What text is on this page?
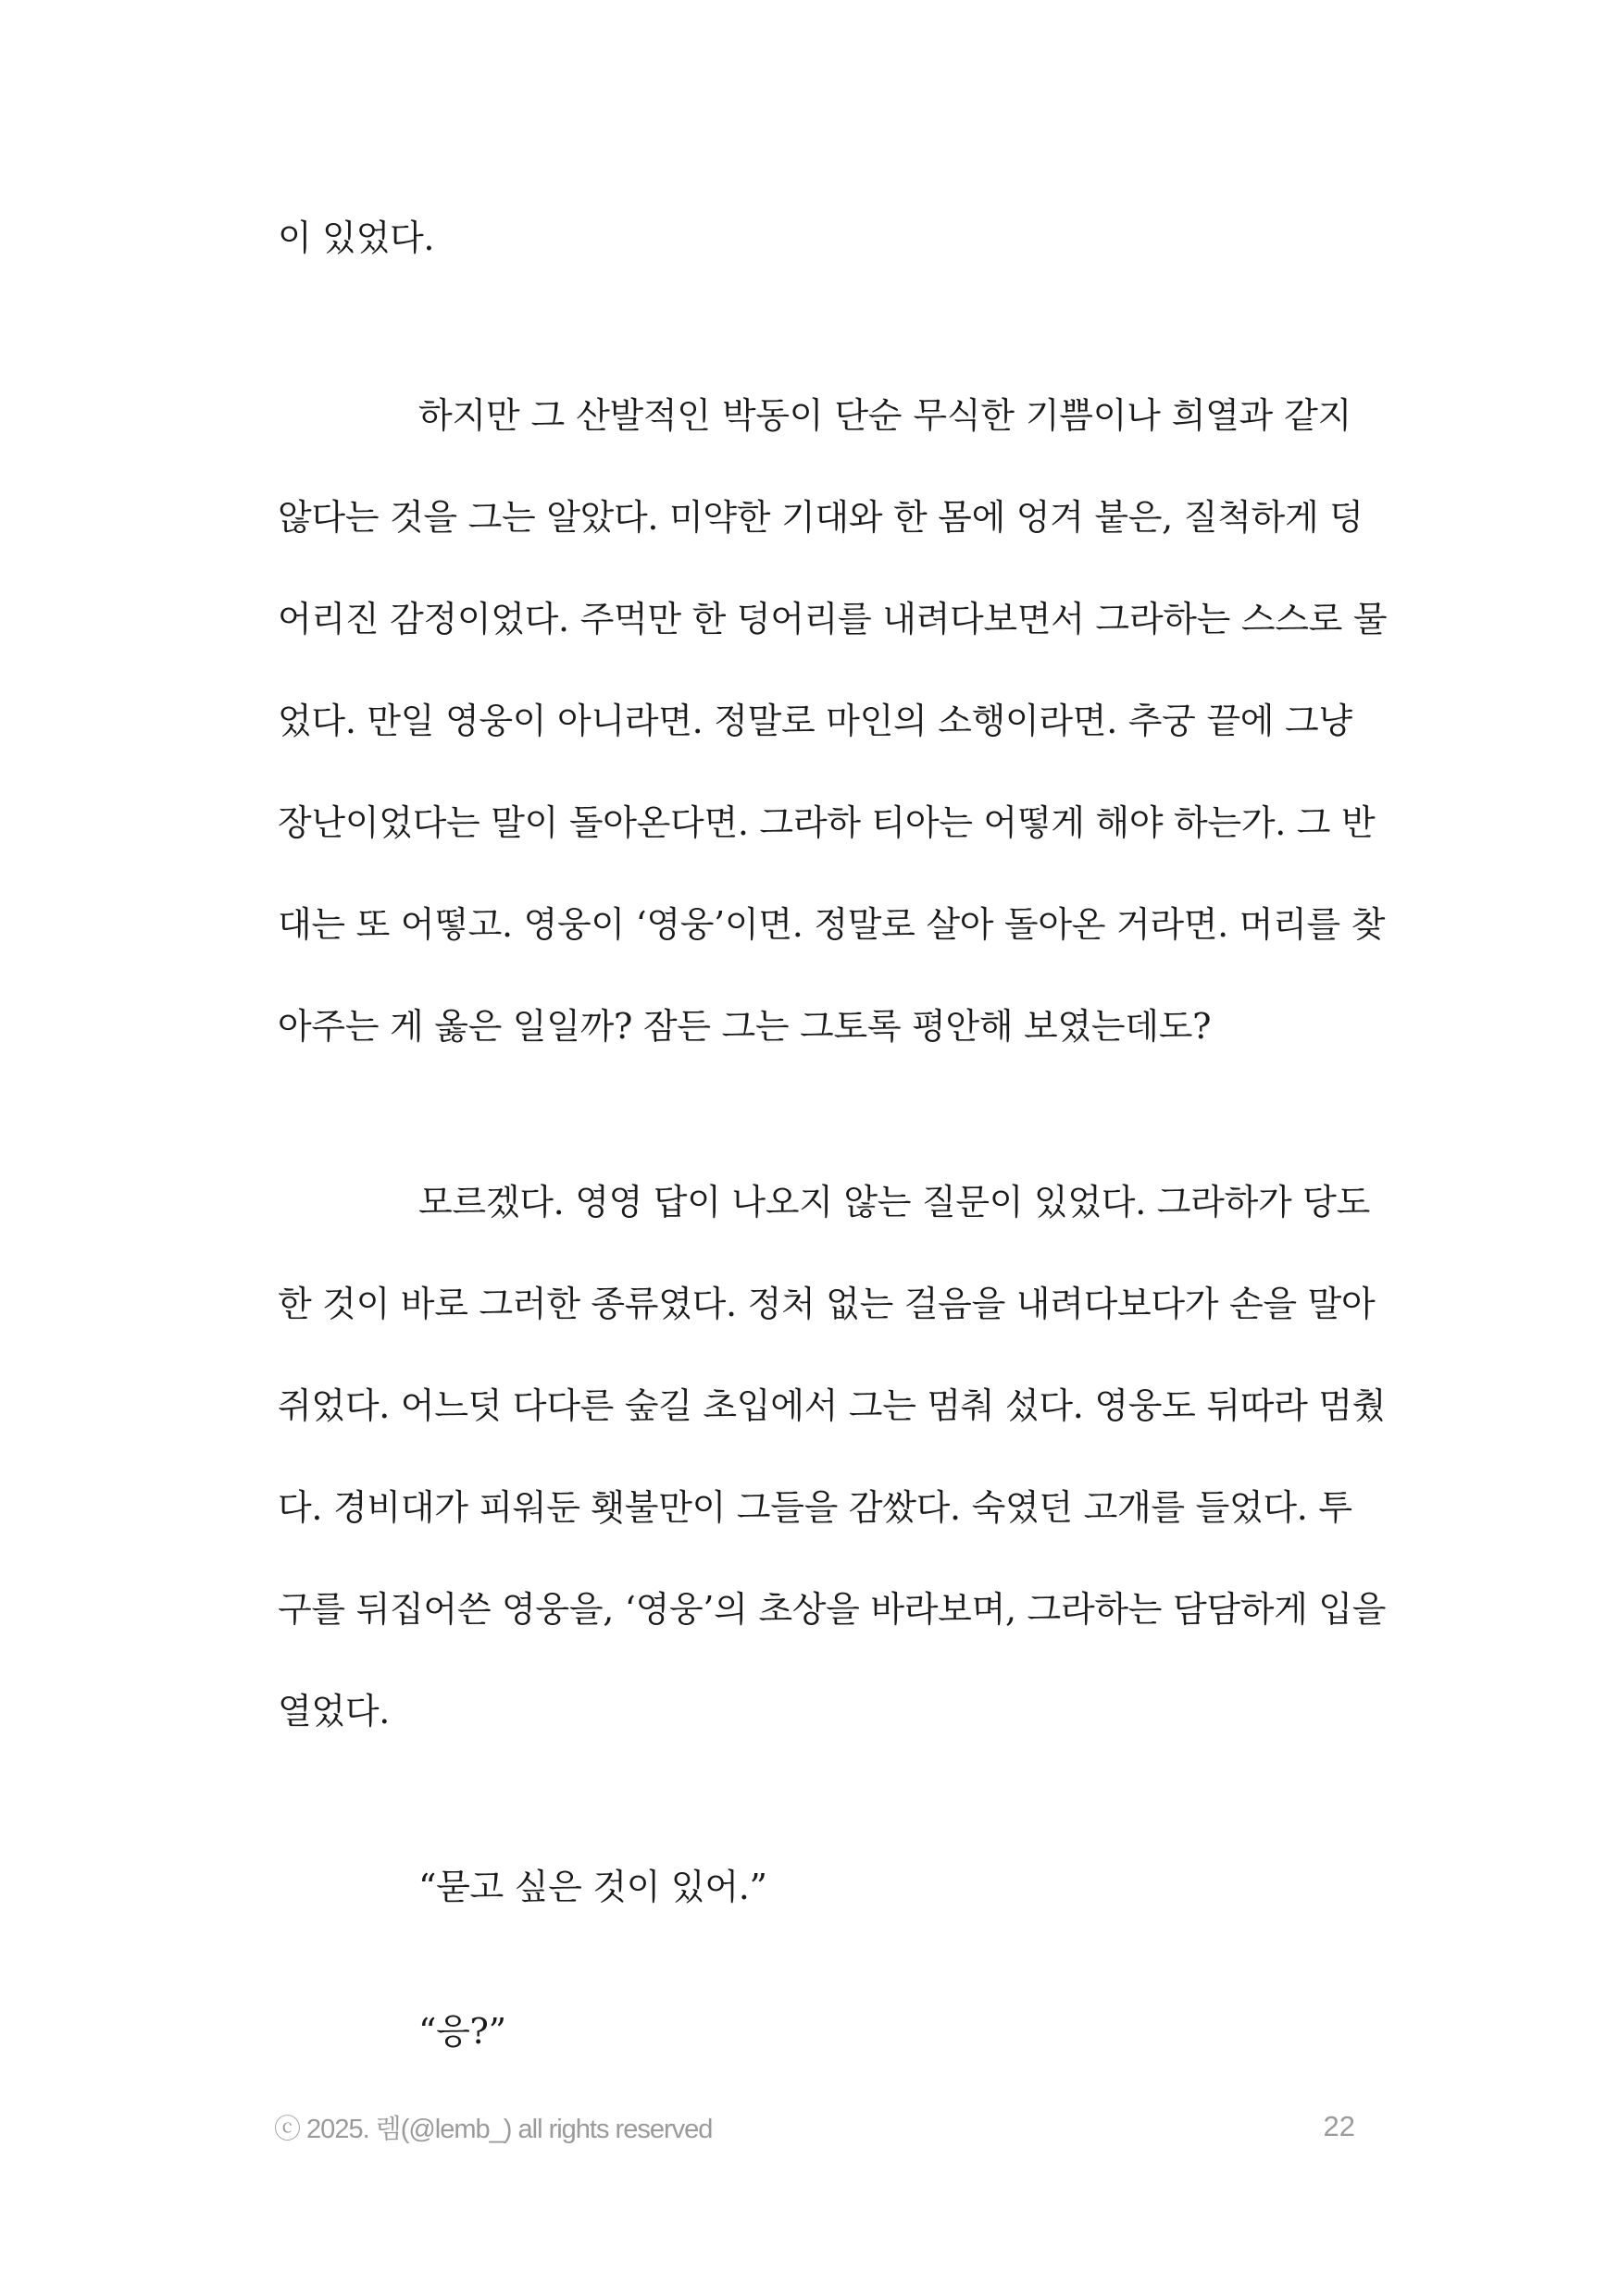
이 있었다.
하지만 그 산발적인 박동이 단순 무식한 기쁨이나 희열과 같지
않다는 것을 그는 알았다. 미약한 기대와 한 몸에 엉겨 붙은, 질척하게 덩
어리진 감정이었다. 주먹만 한 덩어리를 내려다보면서 그라하는 스스로 물
었다. 만일 영웅이 아니라면. 정말로 마인의 소행이라면. 추궁 끝에 그냥
장난이었다는 말이 돌아온다면. 그라하 티아는 어떻게 해야 하는가. 그 반
대는 또 어떻고. 영웅이 ‘영웅’이면. 정말로 살아 돌아온 거라면. 머리를 찾
아주는 게 옳은 일일까? 잠든 그는 그토록 평안해 보였는데도?
모르겠다. 영영 답이 나오지 않는 질문이 있었다. 그라하가 당도
한 것이 바로 그러한 종류였다. 정처 없는 걸음을 내려다보다가 손을 말아
쥐었다. 어느덧 다다른 숲길 초입에서 그는 멈춰 섰다. 영웅도 뒤따라 멈췄
다. 경비대가 피워둔 횃불만이 그들을 감쌌다. 숙였던 고개를 들었다. 투
구를 뒤집어쓴 영웅을, ‘영웅’의 초상을 바라보며, 그라하는 담담하게 입을
열었다.
“묻고 싶은 것이 있어.”
“응?”
ⓒ 2025. 렘(@lemb_) all rights reserved	22
